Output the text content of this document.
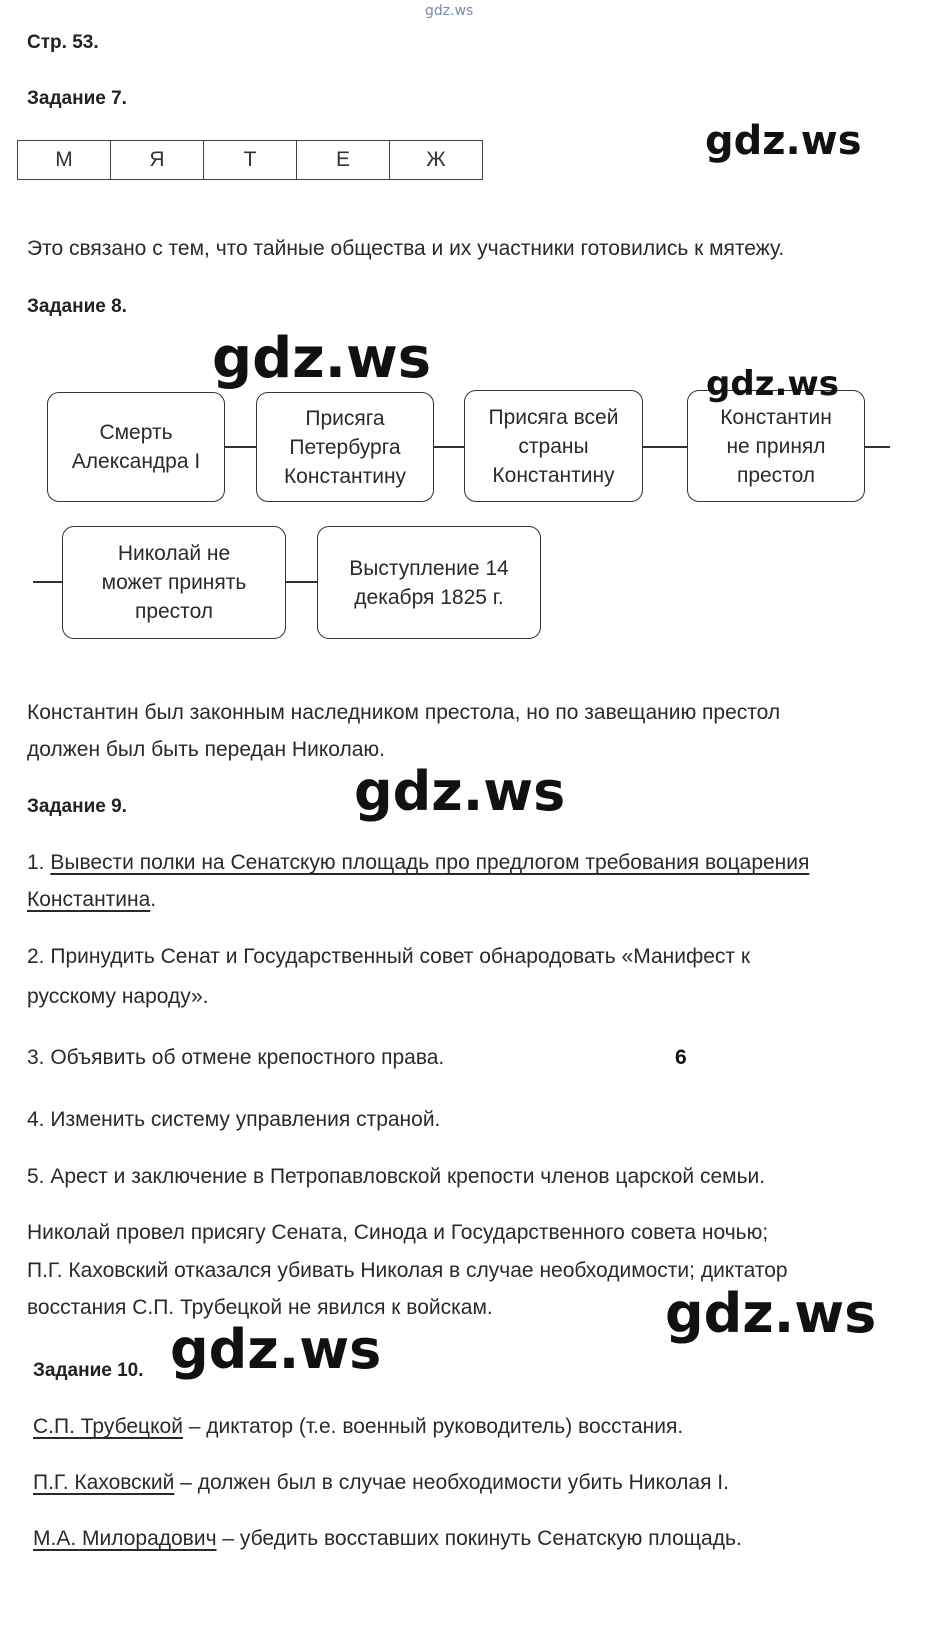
gdz.ws
Стр. 53.
Задание 7.
М	Я	Т	Е	Ж	gdz.ws
Это связано с тем, что тайные общества и их участники готовились к мятежу.
Задание 8.
gdz.ws
Смерть
Александра I
Присяга
Петербурга
Константину
Присяга всей
страны
Константину
Константин
не принял
престол
gdz.ws
Николай не
может принять
престол
Выступление 14
декабря 1825 г.
Константин был законным наследником престола, но по завещанию престол
должен был быть передан Николаю.
Задание 9.	gdz.ws
1. Вывести полки на Сенатскую площадь про предлогом требования воцарения
Константина.
2. Принудить Сенат и Государственный совет обнародовать «Манифест к
русскому народу».
3. Объявить об отмене крепостного права.	6
4. Изменить систему управления страной.
5. Арест и заключение в Петропавловской крепости членов царской семьи.
Николай провел присягу Сената, Синода и Государственного совета ночью;
П.Г. Каховский отказался убивать Николая в случае необходимости; диктатор
восстания С.П. Трубецкой не явился к войскам.	gdz.ws
Задание 10. gdz.ws
С.П. Трубецкой – диктатор (т.е. военный руководитель) восстания.
П.Г. Каховский – должен был в случае необходимости убить Николая I.
М.А. Милорадович – убедить восставших покинуть Сенатскую площадь.
